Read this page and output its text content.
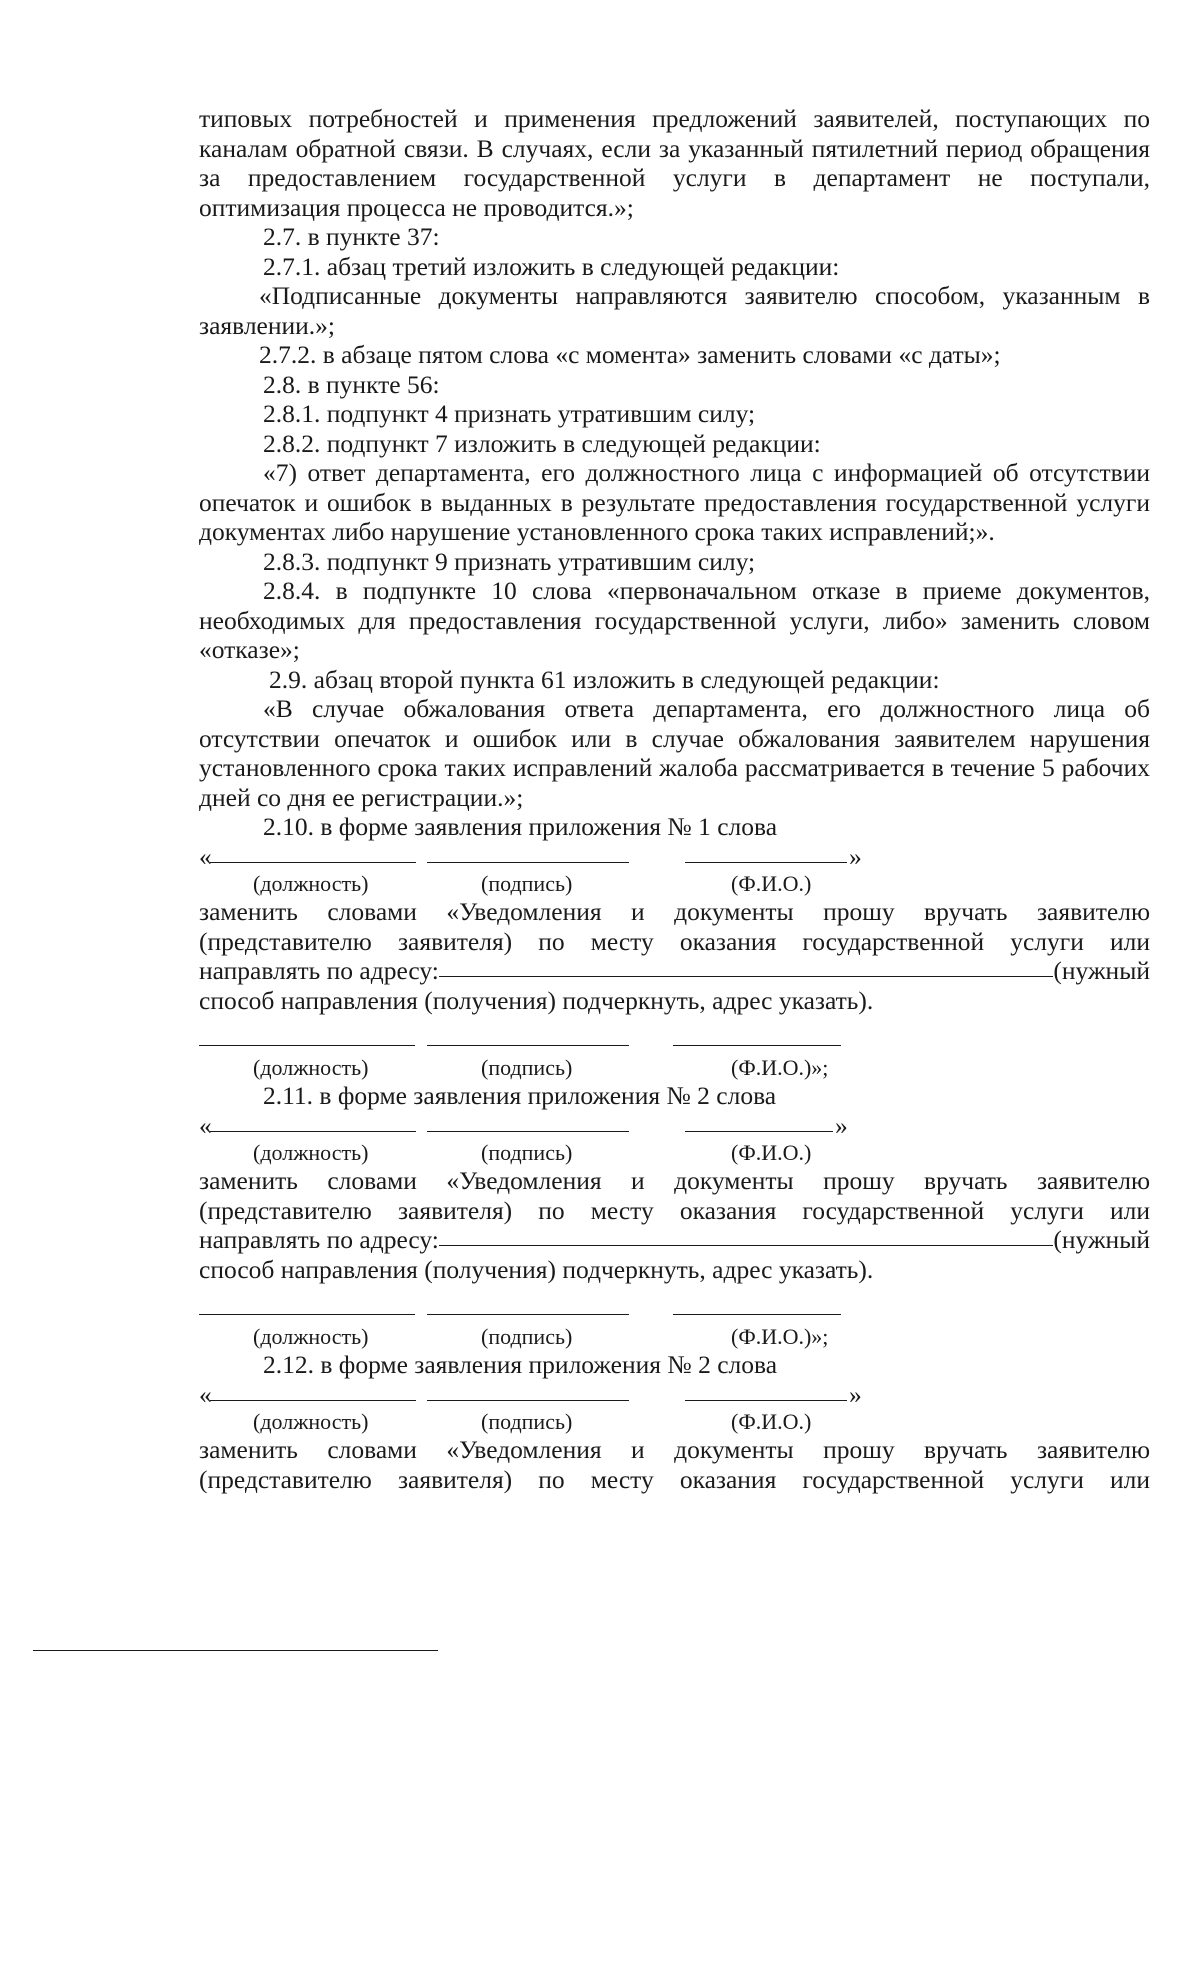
типовых потребностей и применения предложений заявителей, поступающих по каналам обратной связи. В случаях, если за указанный пятилетний период обращения за предоставлением государственной услуги в департамент не поступали, оптимизация процесса не проводится.»;

2.7. в пункте 37:

2.7.1. абзац третий изложить в следующей редакции:

«Подписанные документы направляются заявителю способом, указанным в заявлении.»;

2.7.2. в абзаце пятом слова «с момента» заменить словами «с даты»;

2.8. в пункте 56:

2.8.1. подпункт 4 признать утратившим силу;

2.8.2. подпункт 7 изложить в следующей редакции:

«7) ответ департамента, его должностного лица с информацией об отсутствии опечаток и ошибок в выданных в результате предоставления государственной услуги документах либо нарушение установленного срока таких исправлений;».

2.8.3. подпункт 9 признать утратившим силу;

2.8.4. в подпункте 10 слова «первоначальном отказе в приеме документов, необходимых для предоставления государственной услуги, либо» заменить словом «отказе»;

2.9. абзац второй пункта 61 изложить в следующей редакции:

«В случае обжалования ответа департамента, его должностного лица об отсутствии опечаток и ошибок или в случае обжалования заявителем нарушения установленного срока таких исправлений жалоба рассматривается в течение 5 рабочих дней со дня ее регистрации.»;

2.10. в форме заявления приложения № 1 слова

«	»
(должность)	(подпись)	(Ф.И.О.)

заменить словами «Уведомления и документы прошу вручать заявителю (представителю заявителя) по месту оказания государственной услуги или

направлять по адресу:	(нужный

способ направления (получения) подчеркнуть, адрес указать).

(должность)	(подпись)	(Ф.И.О.)»;

2.11. в форме заявления приложения № 2 слова

«	»
(должность)	(подпись)	(Ф.И.О.)

заменить словами «Уведомления и документы прошу вручать заявителю (представителю заявителя) по месту оказания государственной услуги или

направлять по адресу:	(нужный

способ направления (получения) подчеркнуть, адрес указать).

(должность)	(подпись)	(Ф.И.О.)»;

2.12. в форме заявления приложения № 2 слова

«	»
(должность)	(подпись)	(Ф.И.О.)

заменить словами «Уведомления и документы прошу вручать заявителю (представителю заявителя) по месту оказания государственной услуги или
